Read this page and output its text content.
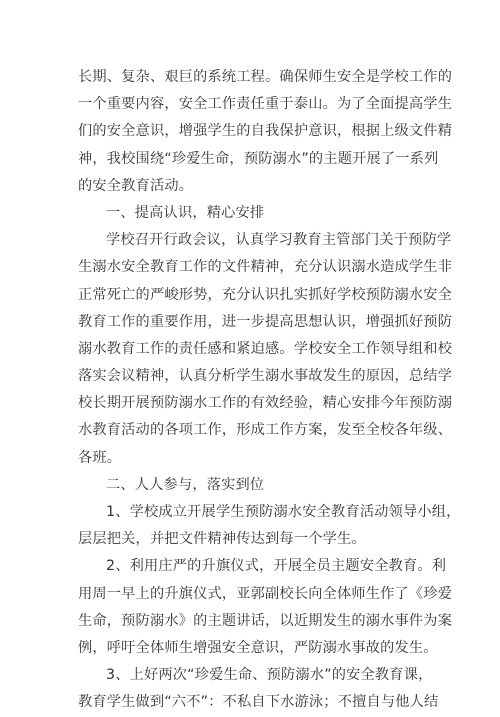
长期、复杂、艰巨的系统工程。确保师生安全是学校工作的
一个重要内容，安全工作责任重于泰山。为了全面提高学生
们的安全意识，增强学生的自我保护意识，根据上级文件精
神，我校围绕“珍爱生命，预防溺水”的主题开展了一系列
的安全教育活动。
一、提高认识，精心安排
学校召开行政会议，认真学习教育主管部门关于预防学
生溺水安全教育工作的文件精神，充分认识溺水造成学生非
正常死亡的严峻形势，充分认识扎实抓好学校预防溺水安全
教育工作的重要作用，进一步提高思想认识，增强抓好预防
溺水教育工作的责任感和紧迫感。学校安全工作领导组和校
落实会议精神，认真分析学生溺水事故发生的原因，总结学
校长期开展预防溺水工作的有效经验，精心安排今年预防溺
水教育活动的各项工作，形成工作方案，发至全校各年级、
各班。
二、人人参与，落实到位
1、学校成立开展学生预防溺水安全教育活动领导小组，
层层把关，并把文件精神传达到每一个学生。
2、利用庄严的升旗仪式，开展全员主题安全教育。利
用周一早上的升旗仪式，亚郭副校长向全体师生作了《珍爱
生命，预防溺水》的主题讲话，以近期发生的溺水事件为案
例，呼吁全体师生增强安全意识，严防溺水事故的发生。
3、上好两次“珍爱生命、预防溺水”的安全教育课，
教育学生做到“六不”：不私自下水游泳；不擅自与他人结
